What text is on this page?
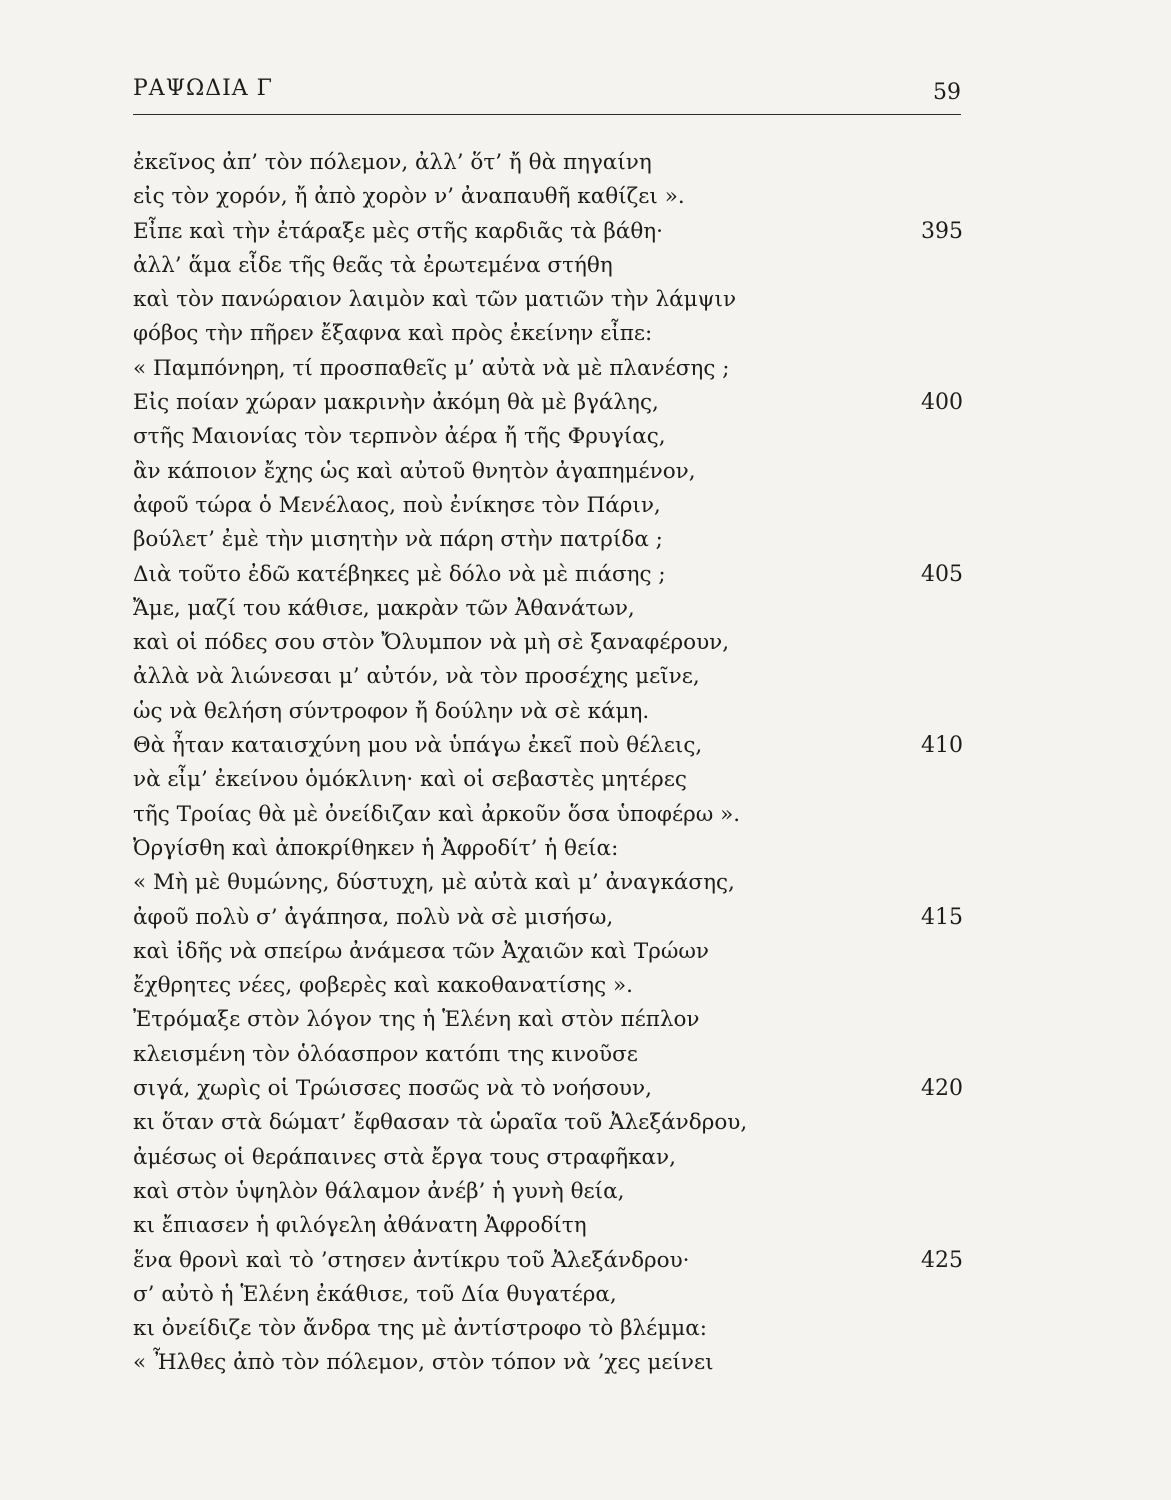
ΡΑΨΩΔΙΑ Γ	59
ἐκεῖνος ἀπ’ τὸν πόλεμον, ἀλλ’ ὅτ’ ἤ θὰ πηγαίνη
εἰς τὸν χορόν, ἤ ἀπὸ χορὸν ν’ ἀναπαυθῆ καθίζει ».
Εἶπε καὶ τὴν ἐτάραξε μὲς στῆς καρδιᾶς τὰ βάθη·	395
ἀλλ’ ἅμα εἶδε τῆς θεᾶς τὰ ἐρωτεμένα στήθη
καὶ τὸν πανώραιον λαιμὸν καὶ τῶν ματιῶν τὴν λάμψιν
φόβος τὴν πῆρεν ἔξαφνα καὶ πρὸς ἐκείνην εἶπε:
« Παμπόνηρη, τί προσπαθεῖς μ’ αὐτὰ νὰ μὲ πλανέσης ;
Εἰς ποίαν χώραν μακρινὴν ἀκόμη θὰ μὲ βγάλης,	400
στῆς Μαιονίας τὸν τερπνὸν ἀέρα ἤ τῆς Φρυγίας,
ἂν κάποιον ἔχης ὡς καὶ αὐτοῦ θνητὸν ἀγαπημένον,
ἀφοῦ τώρα ὁ Μενέλαος, ποὺ ἐνίκησε τὸν Πάριν,
βούλετ’ ἐμὲ τὴν μισητὴν νὰ πάρη στὴν πατρίδα ;
Διὰ τοῦτο ἐδῶ κατέβηκες μὲ δόλο νὰ μὲ πιάσης ;	405
Ἄμε, μαζί του κάθισε, μακρὰν τῶν Ἀθανάτων,
καὶ οἱ πόδες σου στὸν Ὄλυμπον νὰ μὴ σὲ ξαναφέρουν,
ἀλλὰ νὰ λιώνεσαι μ’ αὐτόν, νὰ τὸν προσέχης μεῖνε,
ὡς νὰ θελήση σύντροφον ἤ δούλην νὰ σὲ κάμη.
Θὰ ἦταν καταισχύνη μου νὰ ὑπάγω ἐκεῖ ποὺ θέλεις,	410
νὰ εἶμ’ ἐκείνου ὁμόκλινη· καὶ οἱ σεβαστὲς μητέρες
τῆς Τροίας θὰ μὲ ὀνείδιζαν καὶ ἀρκοῦν ὅσα ὑποφέρω ».
Ὀργίσθη καὶ ἀποκρίθηκεν ἡ Ἀφροδίτ’ ἡ θεία:
« Μὴ μὲ θυμώνης, δύστυχη, μὲ αὐτὰ καὶ μ’ ἀναγκάσης,
ἀφοῦ πολὺ σ’ ἀγάπησα, πολὺ νὰ σὲ μισήσω,	415
καὶ ἰδῆς νὰ σπείρω ἀνάμεσα τῶν Ἀχαιῶν καὶ Τρώων
ἔχθρητες νέες, φοβερὲς καὶ κακοθανατίσης ».
Ἐτρόμαξε στὸν λόγον της ἡ Ἑλένη καὶ στὸν πέπλον
κλεισμένη τὸν ὁλόασπρον κατόπι της κινοῦσε
σιγά, χωρὶς οἱ Τρώισσες ποσῶς νὰ τὸ νοήσουν,	420
κι ὅταν στὰ δώματ’ ἔφθασαν τὰ ὡραῖα τοῦ Ἀλεξάνδρου,
ἀμέσως οἱ θεράπαινες στὰ ἔργα τους στραφῆκαν,
καὶ στὸν ὑψηλὸν θάλαμον ἀνέβ’ ἡ γυνὴ θεία,
κι ἔπιασεν ἡ φιλόγελη ἀθάνατη Ἀφροδίτη
ἕνα θρονὶ καὶ τὸ ’στησεν ἀντίκρυ τοῦ Ἀλεξάνδρου·	425
σ’ αὐτὸ ἡ Ἑλένη ἐκάθισε, τοῦ Δία θυγατέρα,
κι ὀνείδιζε τὸν ἄνδρα της μὲ ἀντίστροφο τὸ βλέμμα:
« Ἦλθες ἀπὸ τὸν πόλεμον, στὸν τόπον νὰ ’χες μείνει
